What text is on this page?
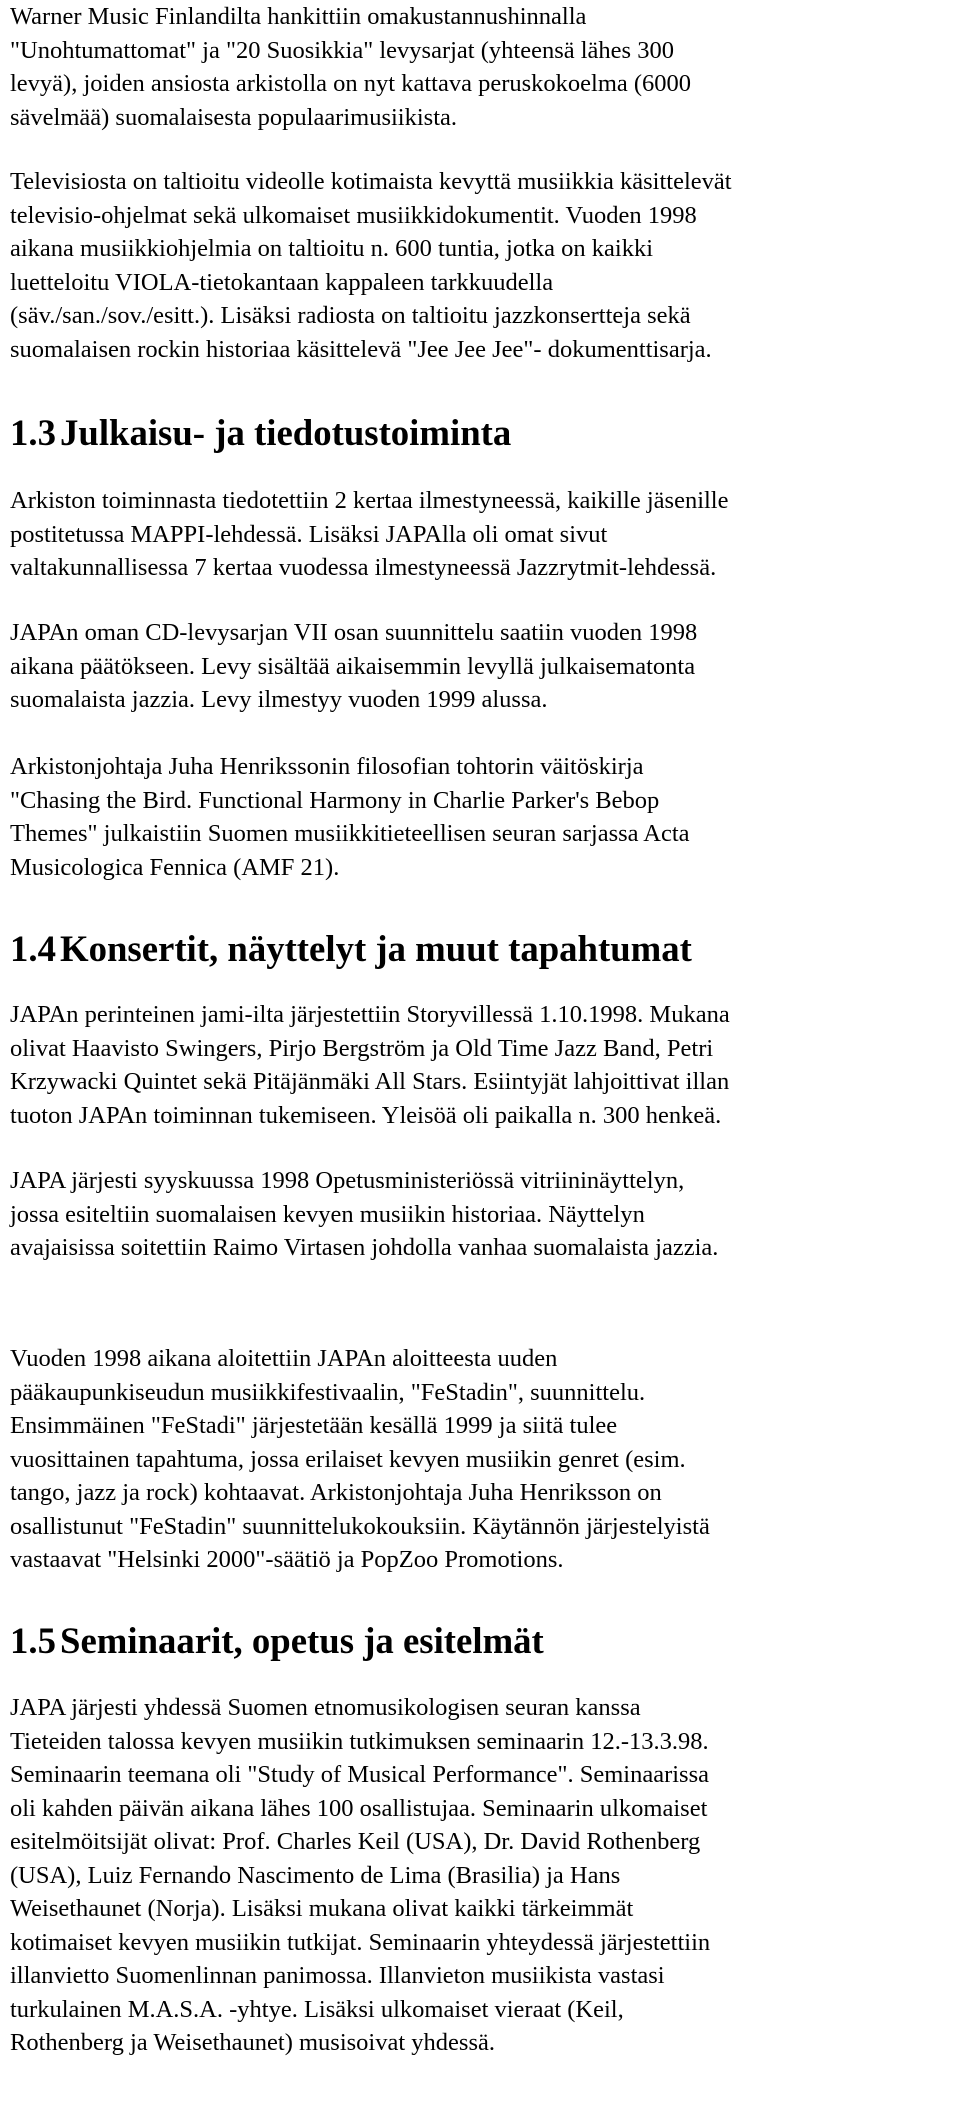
Warner Music Finlandilta hankittiin omakustannushinnalla
"Unohtumattomat" ja "20 Suosikkia" levysarjat (yhteensä lähes 300
levyä), joiden ansiosta arkistolla on nyt kattava peruskokoelma (6000
sävelmää) suomalaisesta populaarimusiikista.

Televisiosta on taltioitu videolle kotimaista kevyttä musiikkia käsittelevät
televisio-ohjelmat sekä ulkomaiset musiikkidokumentit. Vuoden 1998
aikana musiikkiohjelmia on taltioitu n. 600 tuntia, jotka on kaikki
luetteloitu VIOLA-tietokantaan kappaleen tarkkuudella
(säv./san./sov./esitt.). Lisäksi radiosta on taltioitu jazzkonsertteja sekä
suomalaisen rockin historiaa käsittelevä "Jee Jee Jee"- dokumenttisarja.

1.3 Julkaisu- ja tiedotustoiminta

Arkiston toiminnasta tiedotettiin 2 kertaa ilmestyneessä, kaikille jäsenille
postitetussa MAPPI-lehdessä. Lisäksi JAPAlla oli omat sivut
valtakunnallisessa 7 kertaa vuodessa ilmestyneessä Jazzrytmit-lehdessä.

JAPAn oman CD-levysarjan VII osan suunnittelu saatiin vuoden 1998
aikana päätökseen. Levy sisältää aikaisemmin levyllä julkaisematonta
suomalaista jazzia. Levy ilmestyy vuoden 1999 alussa.

Arkistonjohtaja Juha Henrikssonin filosofian tohtorin väitöskirja
"Chasing the Bird. Functional Harmony in Charlie Parker's Bebop
Themes" julkaistiin Suomen musiikkitieteellisen seuran sarjassa Acta
Musicologica Fennica (AMF 21).

1.4 Konsertit, näyttelyt ja muut tapahtumat

JAPAn perinteinen jami-ilta järjestettiin Storyvillessä 1.10.1998. Mukana
olivat Haavisto Swingers, Pirjo Bergström ja Old Time Jazz Band, Petri
Krzywacki Quintet sekä Pitäjänmäki All Stars. Esiintyjät lahjoittivat illan
tuoton JAPAn toiminnan tukemiseen. Yleisöä oli paikalla n. 300 henkeä.

JAPA järjesti syyskuussa 1998 Opetusministeriössä vitriininäyttelyn,
jossa esiteltiin suomalaisen kevyen musiikin historiaa. Näyttelyn
avajaisissa soitettiin Raimo Virtasen johdolla vanhaa suomalaista jazzia.

Vuoden 1998 aikana aloitettiin JAPAn aloitteesta uuden
pääkaupunkiseudun musiikkifestivaalin, "FeStadin", suunnittelu.
Ensimmäinen "FeStadi" järjestetään kesällä 1999 ja siitä tulee
vuosittainen tapahtuma, jossa erilaiset kevyen musiikin genret (esim.
tango, jazz ja rock) kohtaavat. Arkistonjohtaja Juha Henriksson on
osallistunut "FeStadin" suunnittelukokouksiin. Käytännön järjestelyistä
vastaavat "Helsinki 2000"-säätiö ja PopZoo Promotions.

1.5 Seminaarit, opetus ja esitelmät

JAPA järjesti yhdessä Suomen etnomusikologisen seuran kanssa
Tieteiden talossa kevyen musiikin tutkimuksen seminaarin 12.-13.3.98.
Seminaarin teemana oli "Study of Musical Performance". Seminaarissa
oli kahden päivän aikana lähes 100 osallistujaa. Seminaarin ulkomaiset
esitelmöitsijät olivat: Prof. Charles Keil (USA), Dr. David Rothenberg
(USA), Luiz Fernando Nascimento de Lima (Brasilia) ja Hans
Weisethaunet (Norja). Lisäksi mukana olivat kaikki tärkeimmät
kotimaiset kevyen musiikin tutkijat. Seminaarin yhteydessä järjestettiin
illanvietto Suomenlinnan panimossa. Illanvieton musiikista vastasi
turkulainen M.A.S.A. -yhtye. Lisäksi ulkomaiset vieraat (Keil,
Rothenberg ja Weisethaunet) musisoivat yhdessä.
